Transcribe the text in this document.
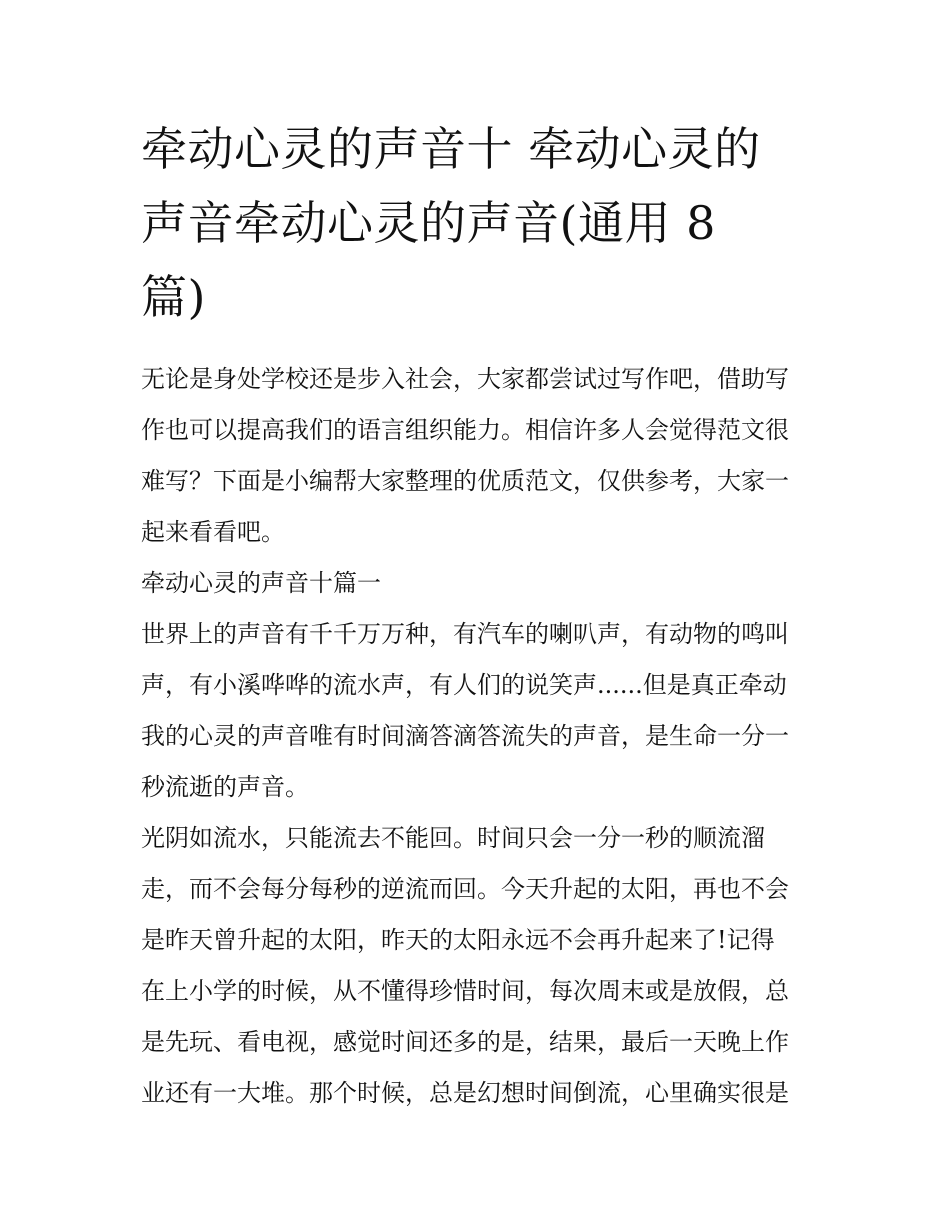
牵动心灵的声音十 牵动心灵的
声音牵动心灵的声音(通用 8
篇)

无论是身处学校还是步入社会，大家都尝试过写作吧，借助写
作也可以提高我们的语言组织能力。相信许多人会觉得范文很
难写？下面是小编帮大家整理的优质范文，仅供参考，大家一
起来看看吧。

牵动心灵的声音十篇一

世界上的声音有千千万万种，有汽车的喇叭声，有动物的鸣叫
声，有小溪哗哗的流水声，有人们的说笑声......但是真正牵动
我的心灵的声音唯有时间滴答滴答流失的声音，是生命一分一
秒流逝的声音。

光阴如流水，只能流去不能回。时间只会一分一秒的顺流溜
走，而不会每分每秒的逆流而回。今天升起的太阳，再也不会
是昨天曾升起的太阳，昨天的太阳永远不会再升起来了!记得
在上小学的时候，从不懂得珍惜时间，每次周末或是放假，总
是先玩、看电视，感觉时间还多的是，结果，最后一天晚上作
业还有一大堆。那个时候，总是幻想时间倒流，心里确实很是
